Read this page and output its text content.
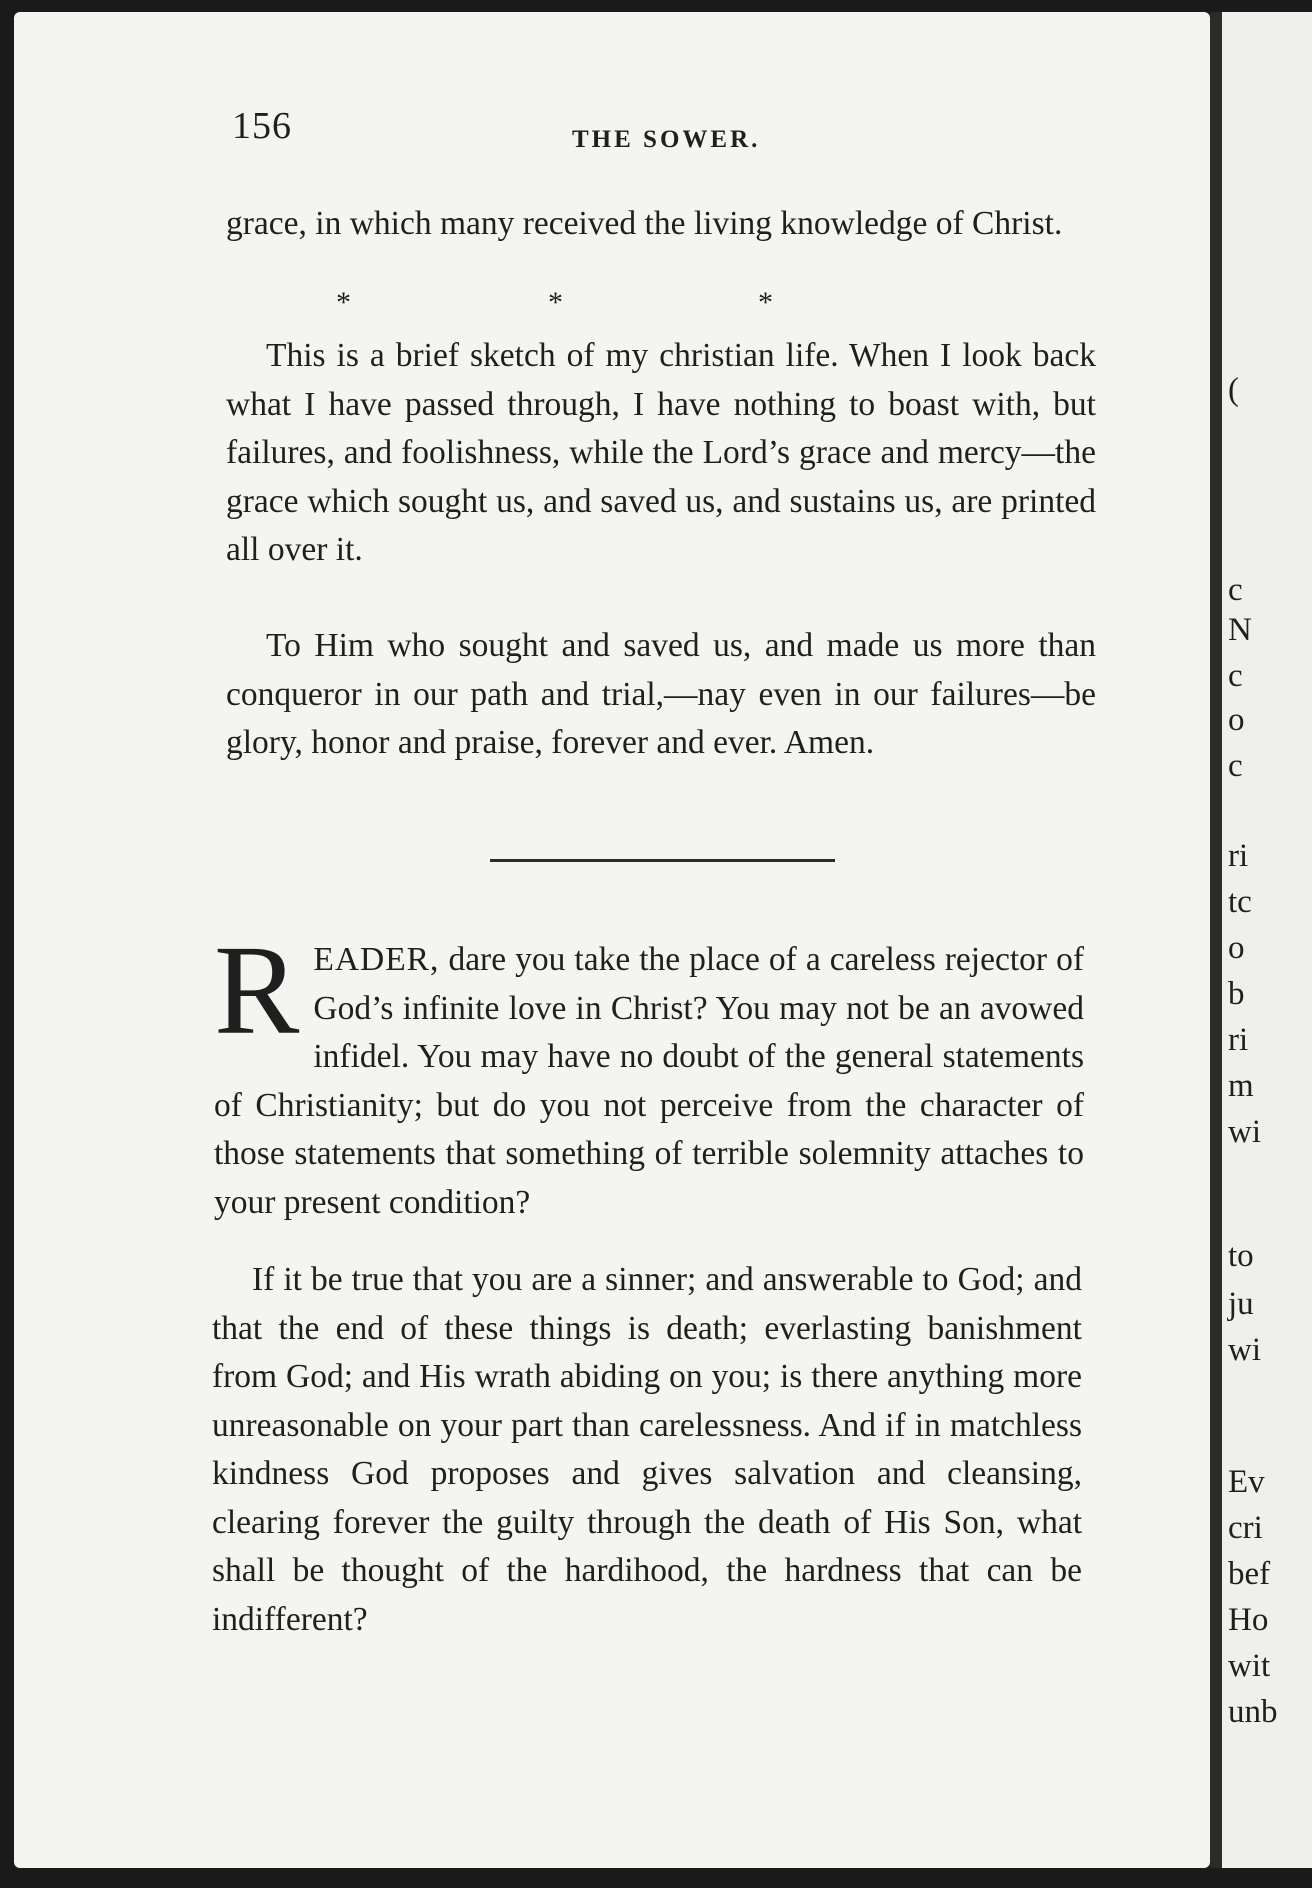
156	THE SOWER.
grace, in which many received the living knowledge of Christ.
*	*	*

This is a brief sketch of my christian life. When I look back what I have passed through, I have nothing to boast with, but failures, and foolishness, while the Lord’s grace and mercy—the grace which sought us, and saved us, and sustains us, are printed all over it.

To Him who sought and saved us, and made us more than conqueror in our path and trial,—nay even in our failures—be glory, honor and praise, forever and ever. Amen.

R EADER, dare you take the place of a careless rejector of God’s infinite love in Christ? You may not be an avowed infidel. You may have no doubt of the general statements of Christianity; but do you not perceive from the character of those statements that something of terrible solemnity attaches to your present condition?

If it be true that you are a sinner; and answerable to God; and that the end of these things is death; everlasting banishment from God; and His wrath abiding on you; is there anything more unreasonable on your part than carelessness. And if in matchless kindness God proposes and gives salvation and cleansing, clearing forever the guilty through the death of His Son, what shall be thought of the hardihood, the hardness that can be indifferent?

(
c
N
c
o
c
ri
tc
o
b
ri
m
wi
to
ju
wi
Ev
cri
bef
Ho
wit
unb
